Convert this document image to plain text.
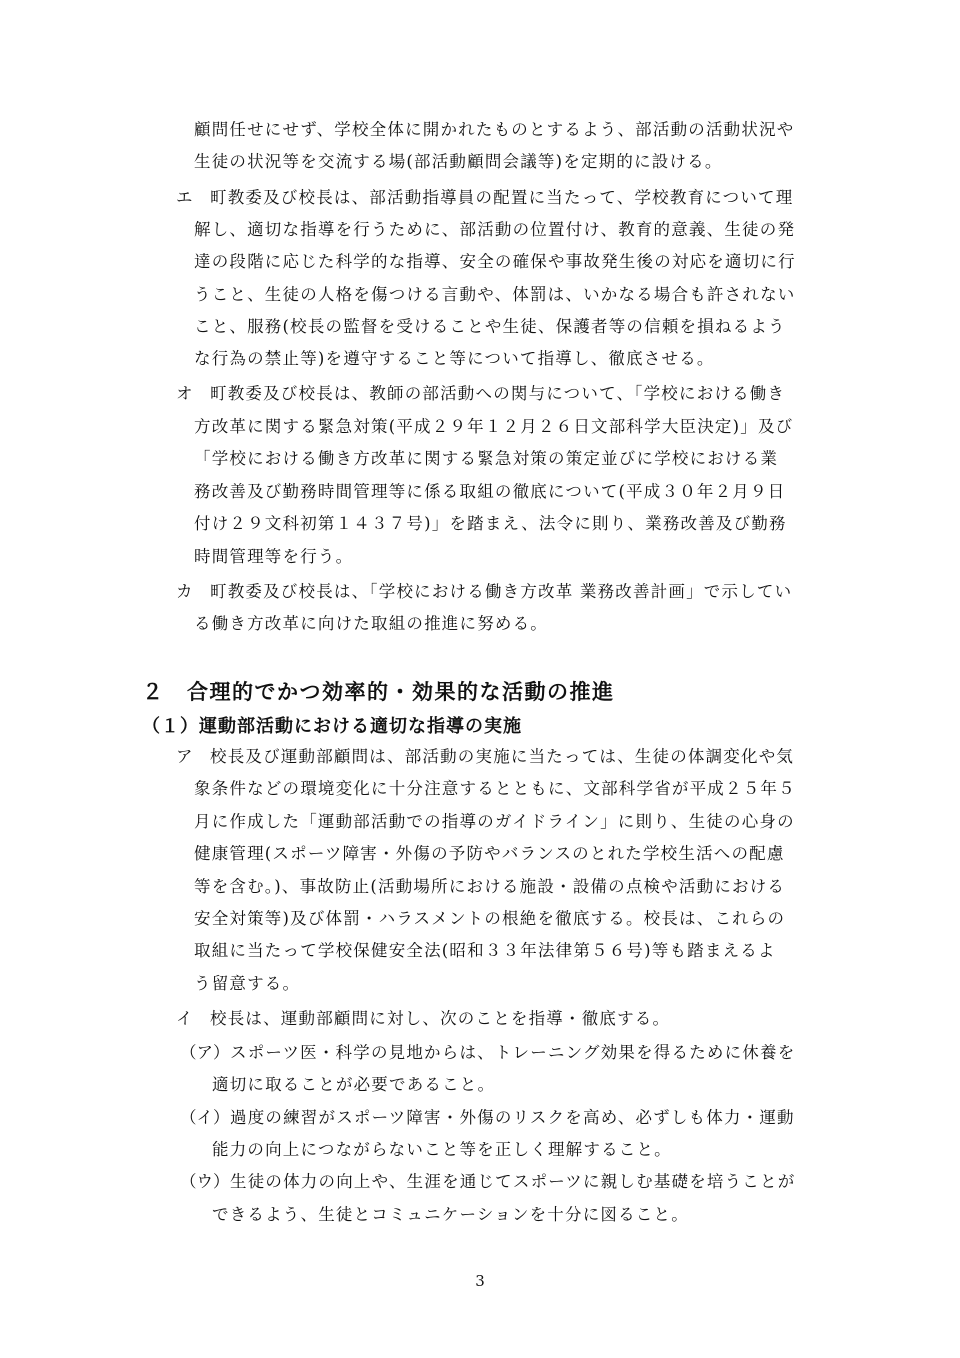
顧問任せにせず、学校全体に開かれたものとするよう、部活動の活動状況や
生徒の状況等を交流する場(部活動顧問会議等)を定期的に設ける。
エ 町教委及び校長は、部活動指導員の配置に当たって、学校教育について理
解し、適切な指導を行うために、部活動の位置付け、教育的意義、生徒の発
達の段階に応じた科学的な指導、安全の確保や事故発生後の対応を適切に行
うこと、生徒の人格を傷つける言動や、体罰は、いかなる場合も許されない
こと、服務(校長の監督を受けることや生徒、保護者等の信頼を損ねるよう
な行為の禁止等)を遵守すること等について指導し、徹底させる。
オ 町教委及び校長は、教師の部活動への関与について、「学校における働き
方改革に関する緊急対策(平成２９年１２月２６日文部科学大臣決定)」及び
「学校における働き方改革に関する緊急対策の策定並びに学校における業
務改善及び勤務時間管理等に係る取組の徹底について(平成３０年２月９日
付け２９文科初第１４３７号)」を踏まえ、法令に則り、業務改善及び勤務
時間管理等を行う。
カ 町教委及び校長は、「学校における働き方改革 業務改善計画」で示してい
る働き方改革に向けた取組の推進に努める。
２　合理的でかつ効率的・効果的な活動の推進
（１）運動部活動における適切な指導の実施
ア 校長及び運動部顧問は、部活動の実施に当たっては、生徒の体調変化や気
象条件などの環境変化に十分注意するとともに、文部科学省が平成２５年５
月に作成した「運動部活動での指導のガイドライン」に則り、生徒の心身の
健康管理(スポーツ障害・外傷の予防やバランスのとれた学校生活への配慮
等を含む。)、事故防止(活動場所における施設・設備の点検や活動における
安全対策等)及び体罰・ハラスメントの根絶を徹底する。校長は、これらの
取組に当たって学校保健安全法(昭和３３年法律第５６号)等も踏まえるよ
う留意する。
イ 校長は、運動部顧問に対し、次のことを指導・徹底する。
（ア） スポーツ医・科学の見地からは、トレーニング効果を得るために休養を
適切に取ることが必要であること。
（イ） 過度の練習がスポーツ障害・外傷のリスクを高め、必ずしも体力・運動
能力の向上につながらないこと等を正しく理解すること。
（ウ） 生徒の体力の向上や、生涯を通じてスポーツに親しむ基礎を培うことが
できるよう、生徒とコミュニケーションを十分に図ること。
3
